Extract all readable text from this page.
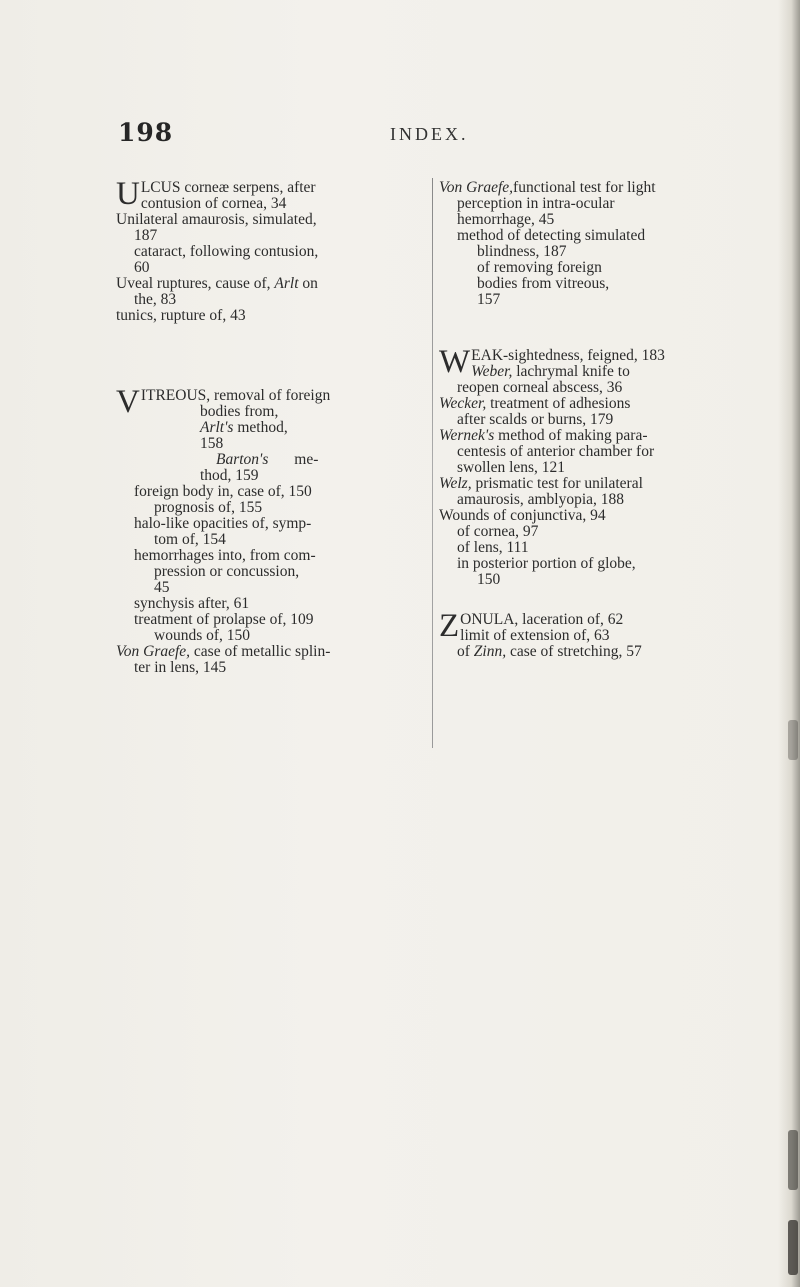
198	INDEX.
U LCUS corneæ serpens, after
contusion of cornea, 34
Unilateral amaurosis, simulated,
187
cataract, following contusion,
60
Uveal ruptures, cause of, Arlt on
the, 83
tunics, rupture of, 43
V ITREOUS, removal of foreign
bodies from,
Arlt's method,
158
Barton's me-
thod, 159
foreign body in, case of, 150
prognosis of, 155
halo-like opacities of, symp-
tom of, 154
hemorrhages into, from com-
pression or concussion,
45
synchysis after, 61
treatment of prolapse of, 109
wounds of, 150
Von Graefe, case of metallic splin-
ter in lens, 145
Von Graefe,functional test for light
perception in intra-ocular
hemorrhage, 45
method of detecting simulated
blindness, 187
of removing foreign
bodies from vitreous,
157
W EAK-sightedness, feigned, 183
Weber, lachrymal knife to
reopen corneal abscess, 36
Wecker, treatment of adhesions
after scalds or burns, 179
Wernek's method of making para-
centesis of anterior chamber for
swollen lens, 121
Welz, prismatic test for unilateral
amaurosis, amblyopia, 188
Wounds of conjunctiva, 94
of cornea, 97
of lens, 111
in posterior portion of globe,
150
Z ONULA, laceration of, 62
limit of extension of, 63
of Zinn, case of stretching, 57
